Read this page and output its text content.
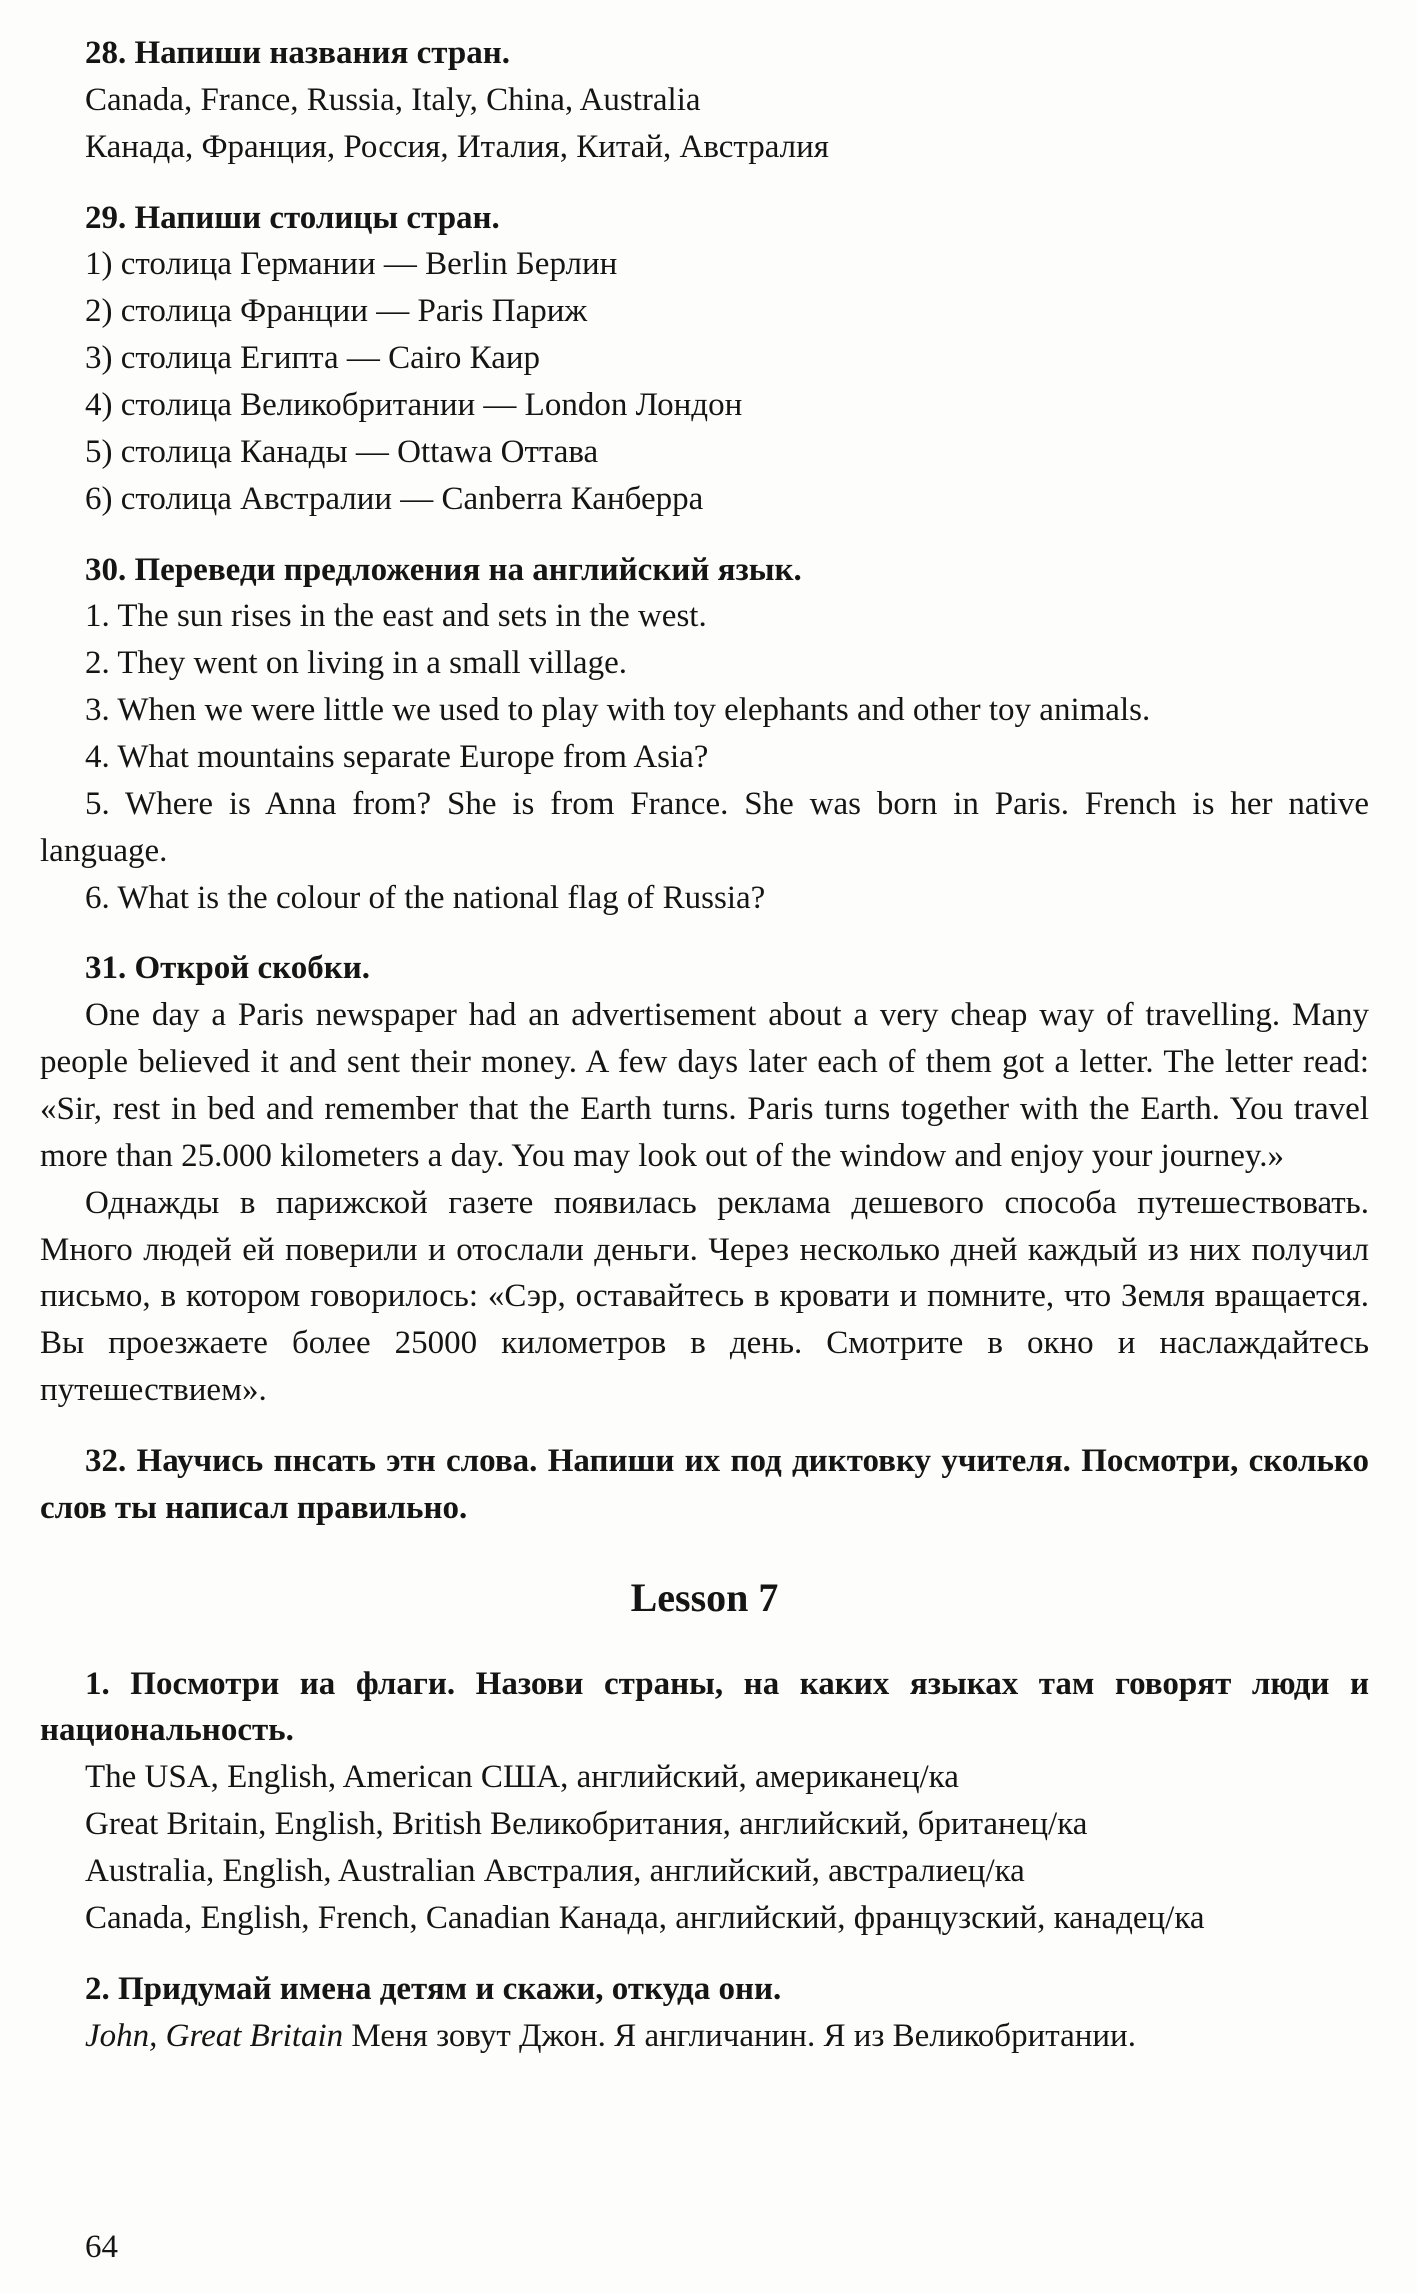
28. Напиши названия стран.

Canada, France, Russia, Italy, China, Australia

Канада, Франция, Россия, Италия, Китай, Австралия

29. Напиши столицы стран.

1) столица Германии — Berlin Берлин

2) столица Франции — Paris Париж

3) столица Египта — Cairo Каир

4) столица Великобритании — London Лондон

5) столица Канады — Ottawa Оттава

6) столица Австралии — Canberra Канберра

30. Переведи предложения на английский язык.

1. The sun rises in the east and sets in the west.

2. They went on living in a small village.

3. When we were little we used to play with toy elephants and other toy animals.

4. What mountains separate Europe from Asia?

5. Where is Anna from? She is from France. She was born in Paris. French is her native language.

6. What is the colour of the national flag of Russia?

31. Открой скобки.

One day a Paris newspaper had an advertisement about a very cheap way of travelling. Many people believed it and sent their money. A few days later each of them got a letter. The letter read: «Sir, rest in bed and remember that the Earth turns. Paris turns together with the Earth. You travel more than 25.000 kilometers a day. You may look out of the window and enjoy your journey.»

Однажды в парижской газете появилась реклама дешевого способа путешествовать. Много людей ей поверили и отослали деньги. Через несколько дней каждый из них получил письмо, в котором говорилось: «Сэр, оставайтесь в кровати и помните, что Земля вращается. Вы проезжаете более 25000 километров в день. Смотрите в окно и наслаждайтесь путешествием».

32. Научись пнсать этн слова. Напиши их под диктовку учителя. Посмотри, сколько слов ты написал правильно.

Lesson 7

1. Посмотри иа флаги. Назови страны, на каких языках там говорят люди и национальность.

The USA, English, American США, английский, американец/ка

Great Britain, English, British Великобритания, английский, британец/ка

Australia, English, Australian Австралия, английский, австралиец/ка

Canada, English, French, Canadian Канада, английский, французский, канадец/ка

2. Придумай имена детям и скажи, откуда они.

John, Great Britain Меня зовут Джон. Я англичанин. Я из Великобритании.

64
